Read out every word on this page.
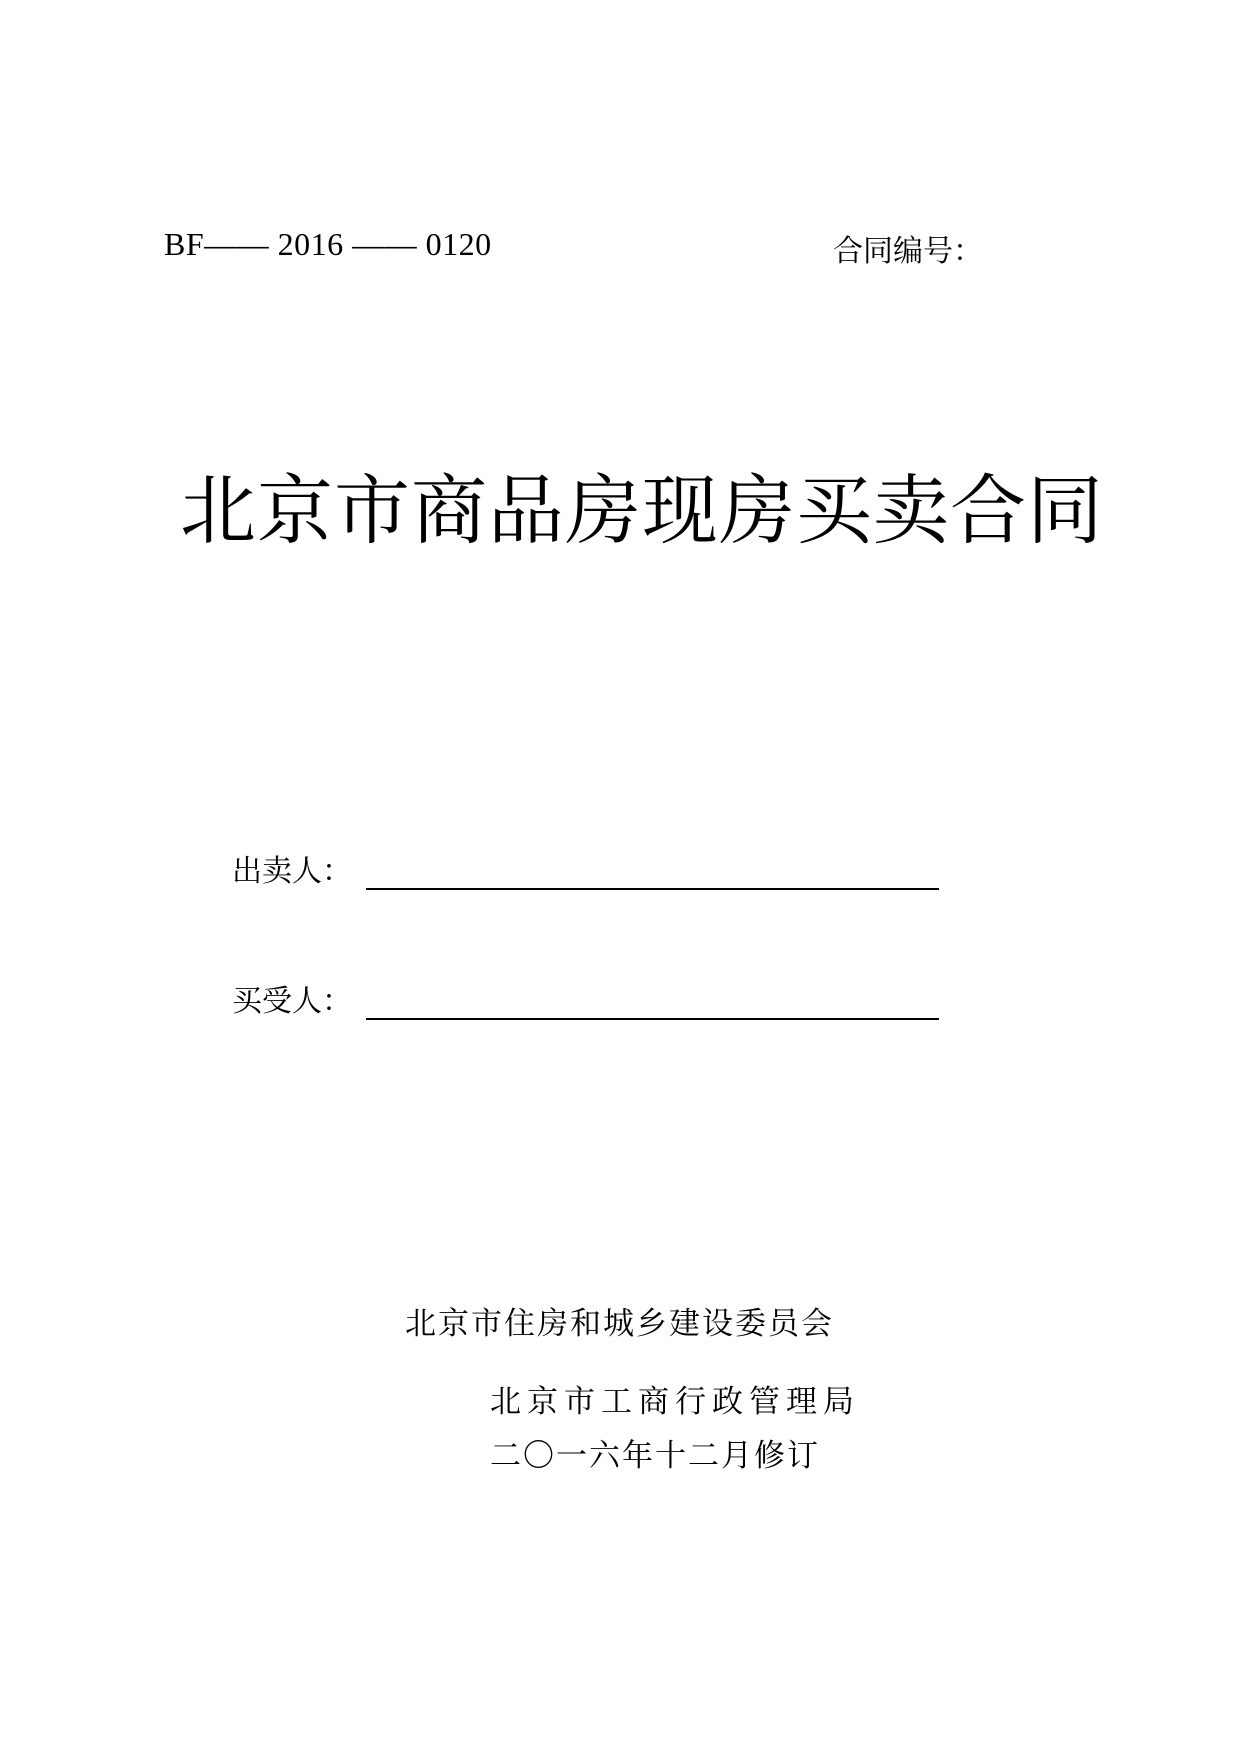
BF—— 2016 —— 0120	合同编号：
北京市商品房现房买卖合同
出卖人：
买受人：
北京市住房和城乡建设委员会
北京市工商行政管理局
二〇一六年十二月修订
